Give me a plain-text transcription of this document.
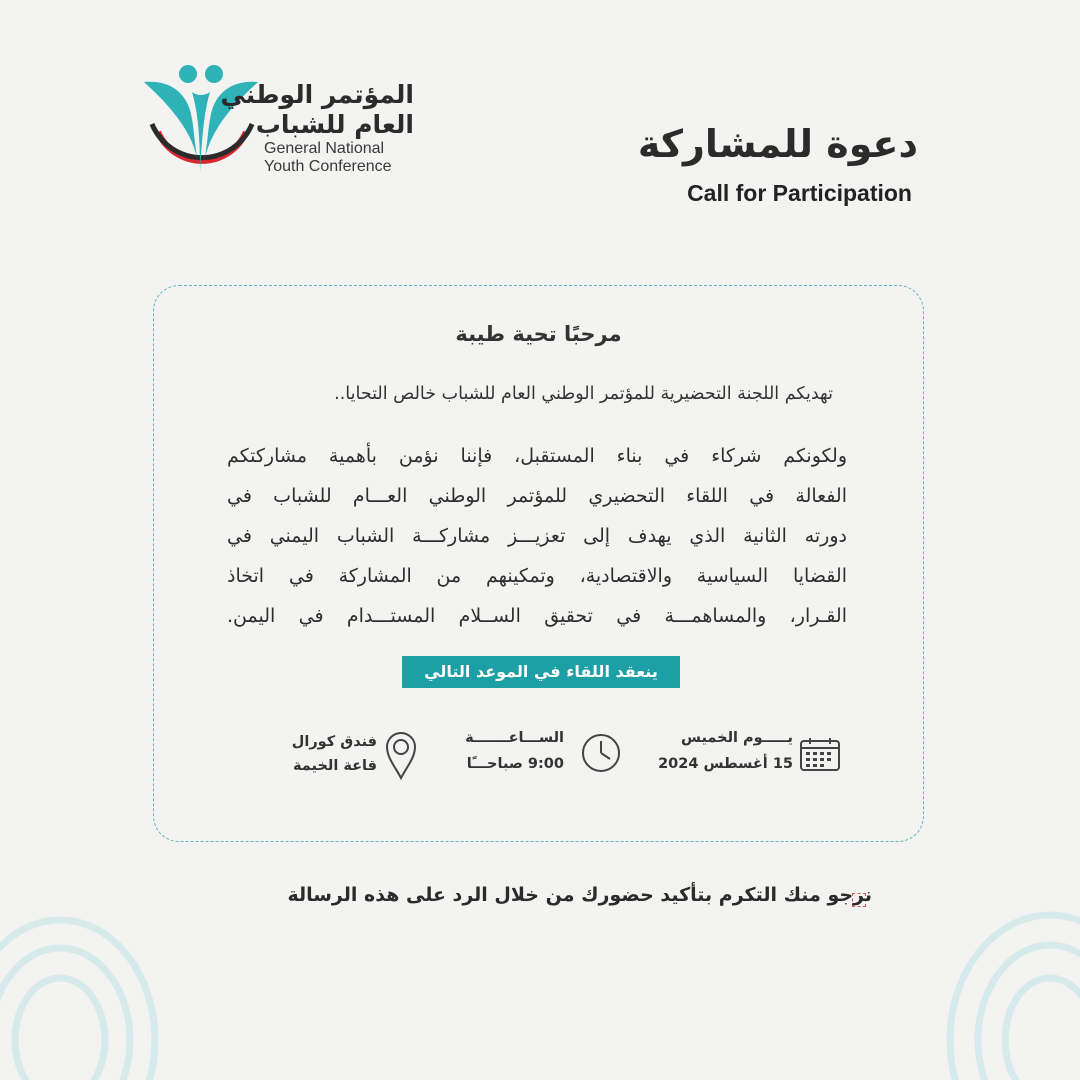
المؤتمر الوطني
العام للشباب
General National
Youth Conference
دعوة للمشاركة
Call for Participation
مرحبًا تحية طيبة
تهديكم اللجنة التحضيرية للمؤتمر الوطني العام للشباب خالص التحايا..
ولكونكم شركاء في بناء المستقبل، فإننا نؤمن بأهمية مشاركتكم
الفعالة في اللقاء التحضيري للمؤتمر الوطني العـــام للشباب في
دورته الثانية الذي يهدف إلى تعزيـــز مشاركـــة الشباب اليمني في
القضايا السياسية والاقتصادية، وتمكينهم من المشاركة في اتخاذ
القـرار، والمساهمـــة في تحقيق الســلام المستـــدام في اليمن.
ينعقد اللقاء في الموعد التالي
يـــــوم الخميس
15 أغسطس 2024
الســـاعـــــــة
9:00 صباحـــًا
فندق كورال
قاعة الخيمة
نرجو منك التكرم بتأكيد حضورك من خلال الرد على هذه الرسالة
